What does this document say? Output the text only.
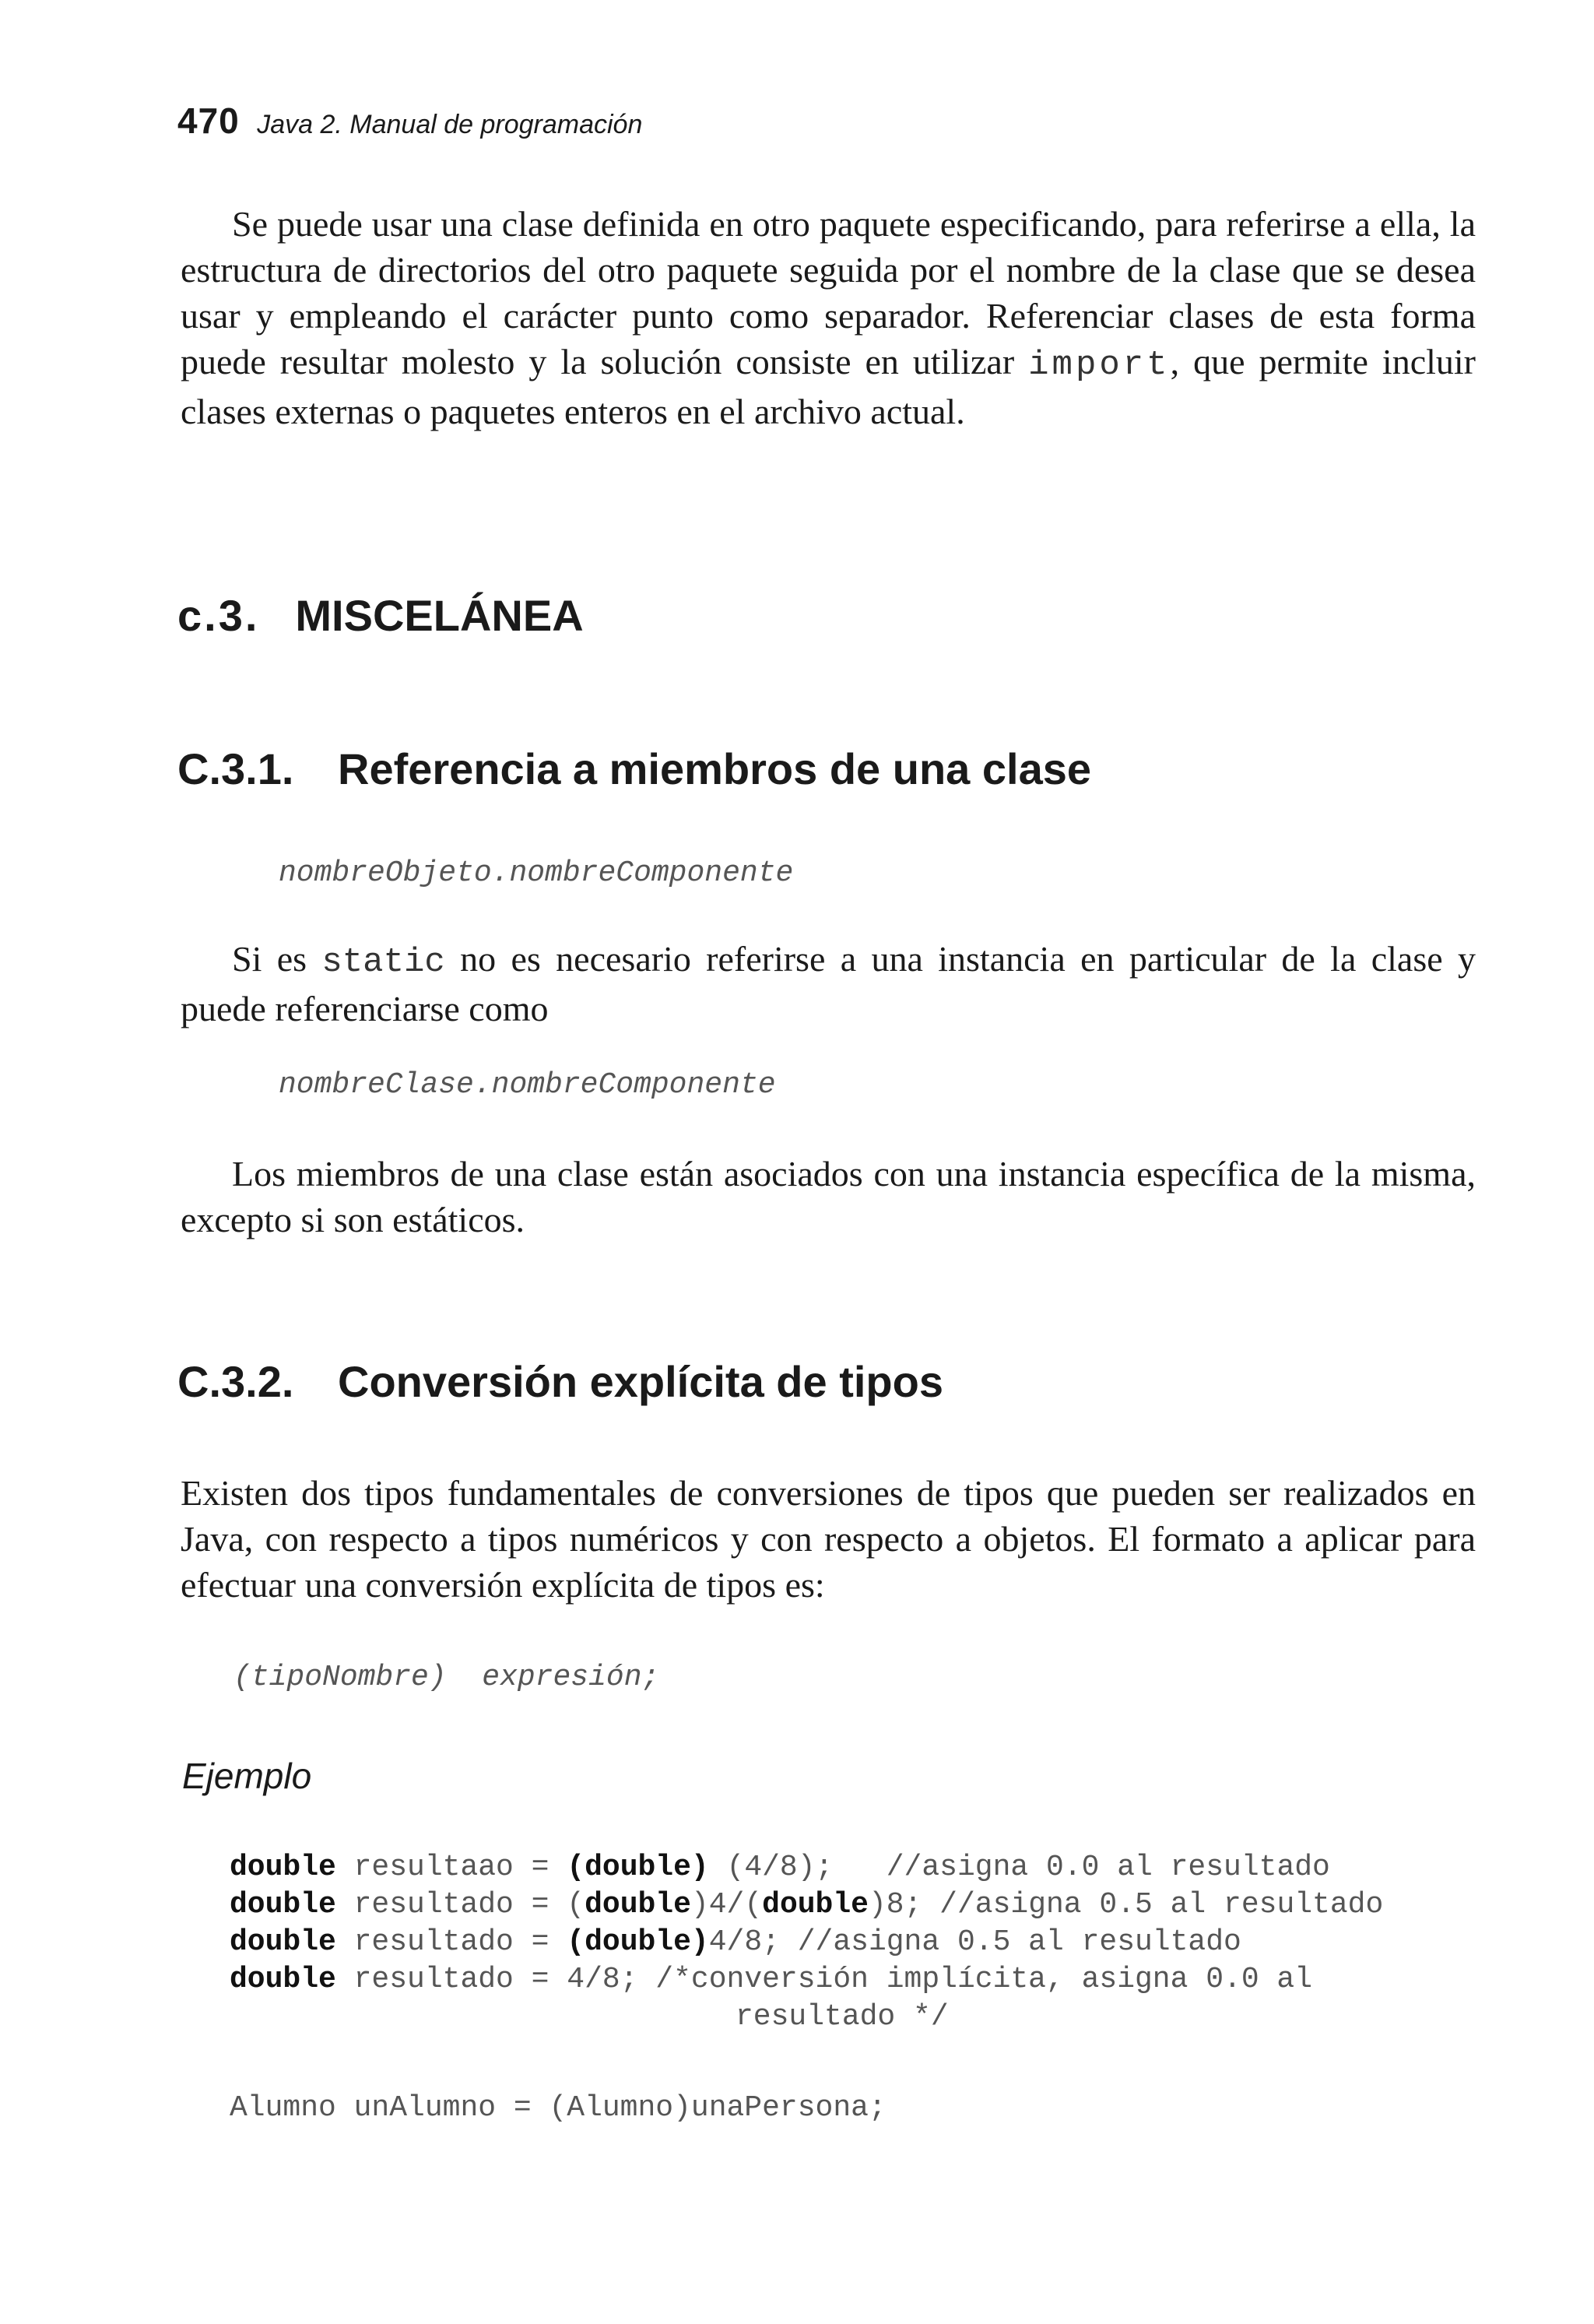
470 Java 2. Manual de programación

Se puede usar una clase definida en otro paquete especificando, para referirse a ella, la estructura de directorios del otro paquete seguida por el nombre de la clase que se desea usar y empleando el carácter punto como separador. Referenciar clases de esta forma puede resultar molesto y la solución consiste en utilizar import, que permite incluir clases externas o paquetes enteros en el archivo actual.

c.3. MISCELÁNEA
C.3.1. Referencia a miembros de una clase
nombreObjeto.nombreComponente

Si es static no es necesario referirse a una instancia en particular de la clase y puede referenciarse como

nombreClase.nombreComponente

Los miembros de una clase están asociados con una instancia específica de la misma, excepto si son estáticos.

C.3.2. Conversión explícita de tipos

Existen dos tipos fundamentales de conversiones de tipos que pueden ser realizados en Java, con respecto a tipos numéricos y con respecto a objetos. El formato a aplicar para efectuar una conversión explícita de tipos es:

(tipoNombre) expresión;

Ejemplo

double resultaao = (double) (4/8);   //asigna 0.0 al resultado
double resultado = (double)4/(double)8; //asigna 0.5 al resultado
double resultado = (double)4/8; //asigna 0.5 al resultado
double resultado = 4/8; /*conversión implícita, asigna 0.0 al
resultado */
Alumno unAlumno = (Alumno)unaPersona;
